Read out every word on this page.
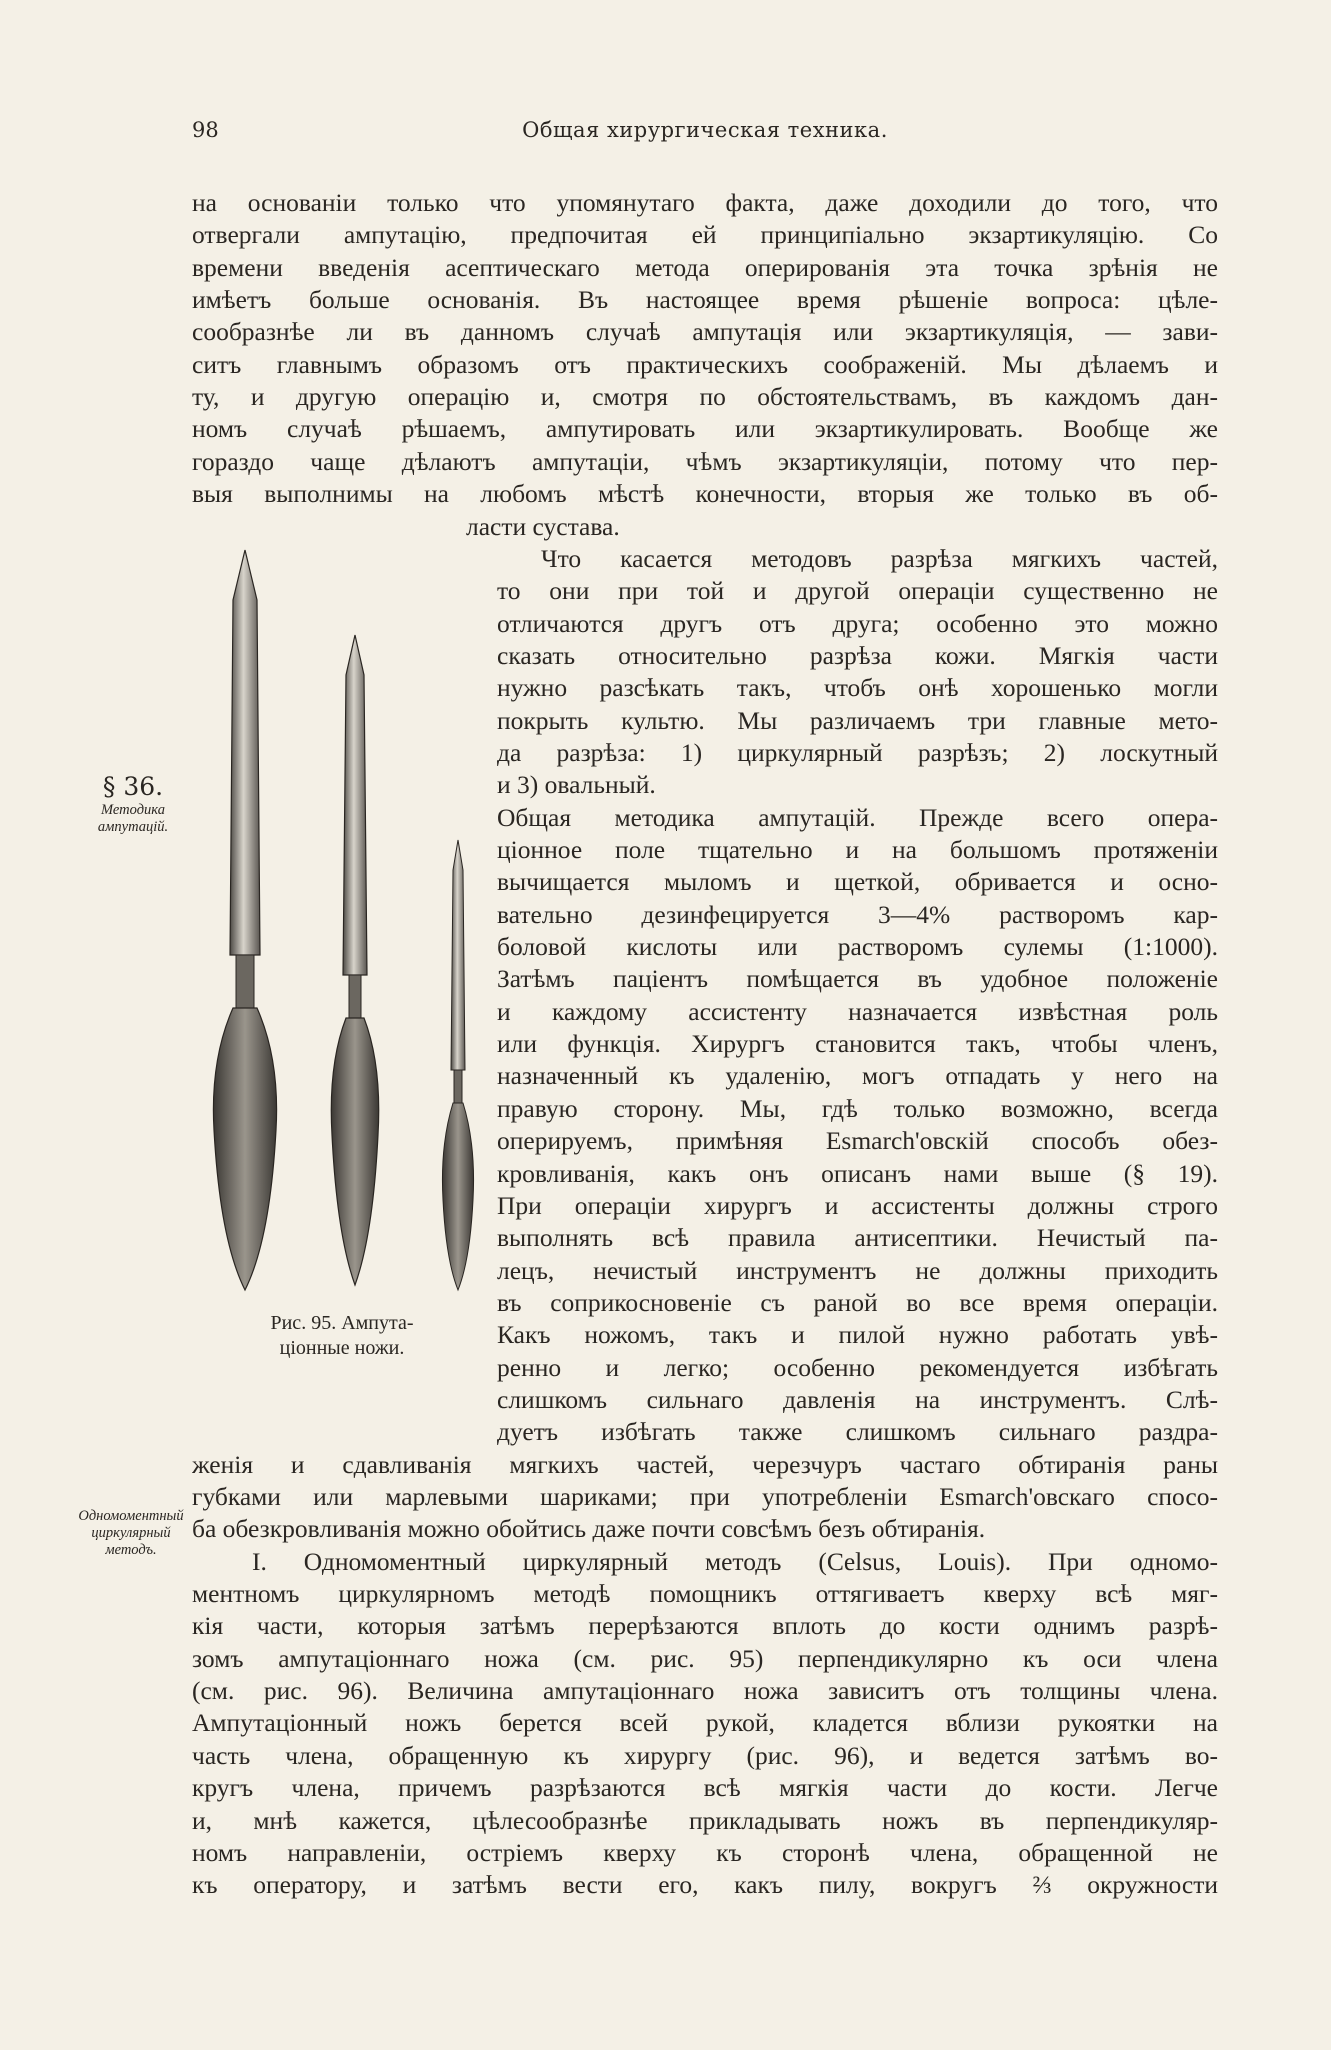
98	Общая хирургическая техника.
на основаніи только что упомянутаго факта, даже доходили до того, что
отвергали ампутацію, предпочитая ей принципіально экзартикуляцію. Со
времени введенія асептическаго метода оперированія эта точка зрѣнія не
имѣетъ больше основанія. Въ настоящее время рѣшеніе вопроса: цѣле-
сообразнѣе ли въ данномъ случаѣ ампутація или экзартикуляція, — зави-
ситъ главнымъ образомъ отъ практическихъ соображеній. Мы дѣлаемъ и
ту, и другую операцію и, смотря по обстоятельствамъ, въ каждомъ дан-
номъ случаѣ рѣшаемъ, ампутировать или экзартикулировать. Вообще же
гораздо чаще дѣлаютъ ампутаціи, чѣмъ экзартикуляціи, потому что пер-
выя выполнимы на любомъ мѣстѣ конечности, вторыя же только въ об-
ласти сустава.
Что касается методовъ разрѣза мягкихъ частей,
то они при той и другой операціи существенно не
отличаются другъ отъ друга; особенно это можно
сказать относительно разрѣза кожи. Мягкія части
нужно разсѣкать такъ, чтобъ онѣ хорошенько могли
покрыть культю. Мы различаемъ три главные мето-
да разрѣза: 1) циркулярный разрѣзъ; 2) лоскутный
и 3) овальный.
Общая методика ампутацій. Прежде всего опера-
ціонное поле тщательно и на большомъ протяженіи
вычищается мыломъ и щеткой, обривается и осно-
вательно дезинфецируется 3—4% растворомъ кар-
боловой кислоты или растворомъ сулемы (1:1000).
Затѣмъ паціентъ помѣщается въ удобное положеніе
и каждому ассистенту назначается извѣстная роль
или функція. Хирургъ становится такъ, чтобы членъ,
назначенный къ удаленію, могъ отпадать у него на
правую сторону. Мы, гдѣ только возможно, всегда
оперируемъ, примѣняя Esmarch'овскій способъ обез-
кровливанія, какъ онъ описанъ нами выше (§ 19).
При операціи хирургъ и ассистенты должны строго
выполнять всѣ правила антисептики. Нечистый па-
лецъ, нечистый инструментъ не должны приходить
въ соприкосновеніе съ раной во все время операціи.
Какъ ножомъ, такъ и пилой нужно работать увѣ-
ренно и легко; особенно рекомендуется избѣгать
слишкомъ сильнаго давленія на инструментъ. Слѣ-
дуетъ избѣгать также слишкомъ сильнаго раздра-
женія и сдавливанія мягкихъ частей, черезчуръ частаго обтиранія раны
губками или марлевыми шариками; при употребленіи Esmarch'овскаго спосо-
ба обезкровливанія можно обойтись даже почти совсѣмъ безъ обтиранія.
I. Одномоментный циркулярный методъ (Celsus, Louis). При одномо-
ментномъ циркулярномъ методѣ помощникъ оттягиваетъ кверху всѣ мяг-
кія части, которыя затѣмъ перерѣзаются вплоть до кости однимъ разрѣ-
зомъ ампутаціоннаго ножа (см. рис. 95) перпендикулярно къ оси члена
(см. рис. 96). Величина ампутаціоннаго ножа зависитъ отъ толщины члена.
Ампутаціонный ножъ берется всей рукой, кладется вблизи рукоятки на
часть члена, обращенную къ хирургу (рис. 96), и ведется затѣмъ во-
кругъ члена, причемъ разрѣзаются всѣ мягкія части до кости. Легче
и, мнѣ кажется, цѣлесообразнѣе прикладывать ножъ въ перпендикуляр-
номъ направленіи, остріемъ кверху къ сторонѣ члена, обращенной не
къ оператору, и затѣмъ вести его, какъ пилу, вокругъ ⅔ окружности
§ 36.
Методика ампутацій.
Одномоментный циркулярный методъ.
Рис. 95. Ампута-
ціонные ножи.
